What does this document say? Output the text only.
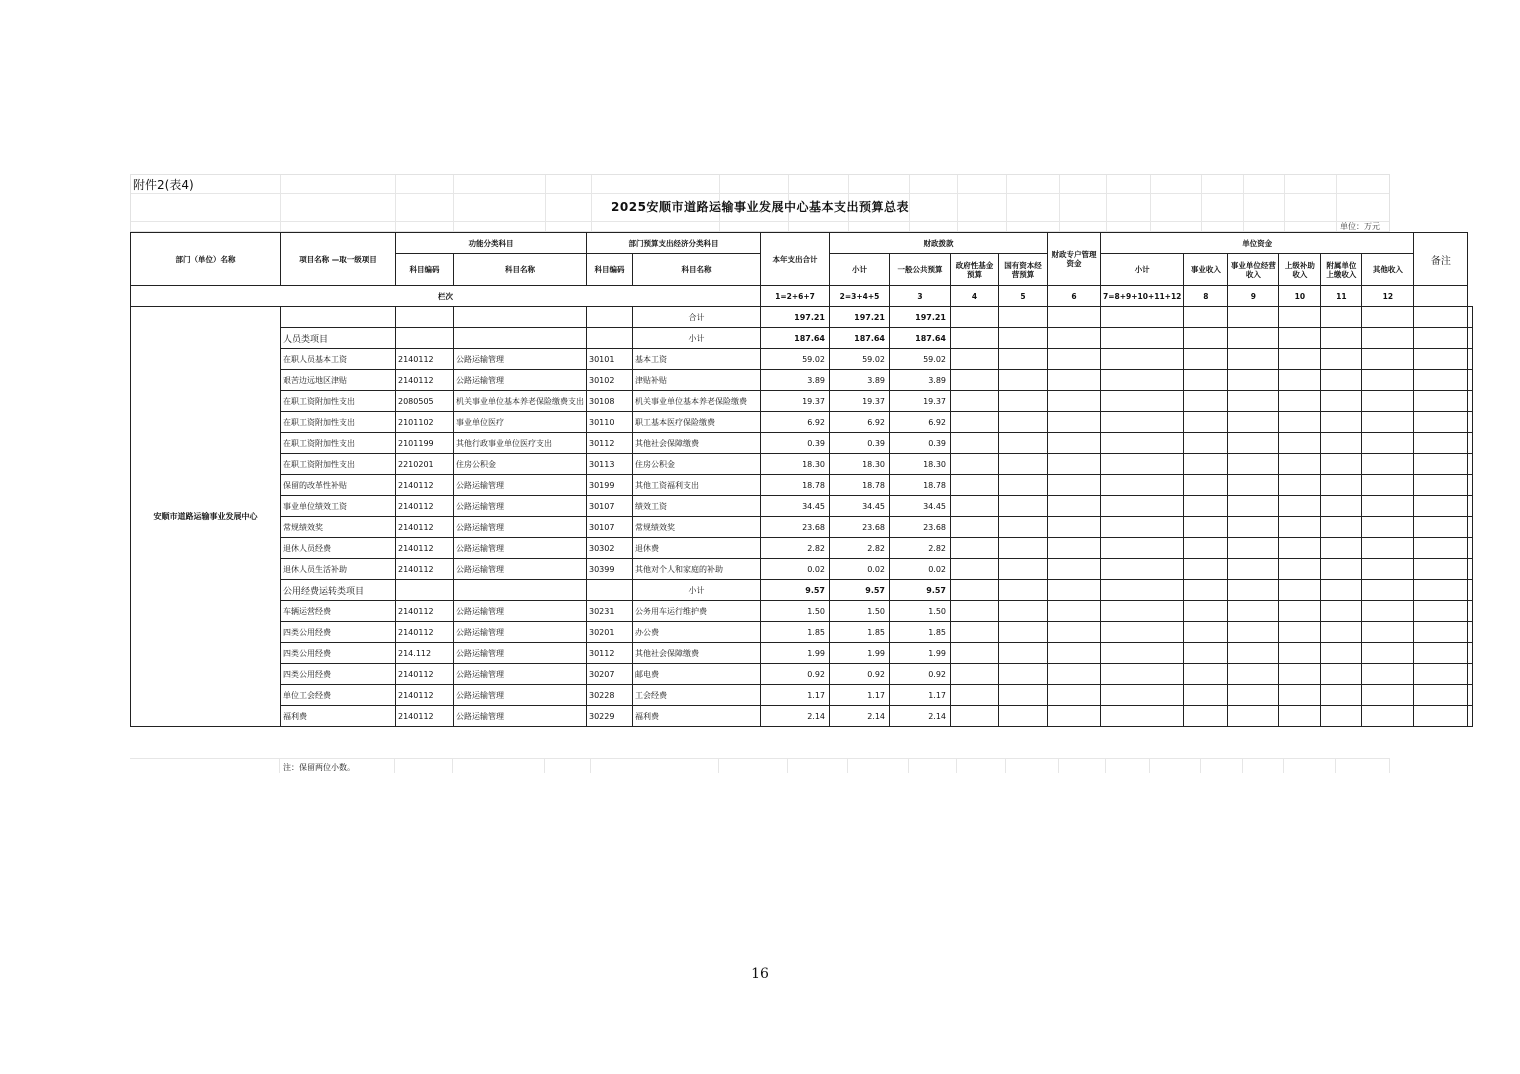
附件2(表4)
2025安顺市道路运输事业发展中心基本支出预算总表
单位：万元
部门（单位）名称	项目名称 —取一级项目	功能分类科目		部门预算支出经济分类科目		本年支出合计	财政拨款				财政专户管理资金	单位资金						备注	
		科目编码	科目名称	科目编码	科目名称		小计	一般公共预算	政府性基金预算	国有资本经营预算		小计	事业收入	事业单位经营收入	上级补助收入	附属单位上缴收入	其他收入		
栏次						1=2+6+7	2=3+4+5	3	4	5	6	7=8+9+10+11+12	8	9	10	11	12		
安顺市道路运输事业发展中心					合计	197.21	197.21	197.21											
	人员类项目				小计	187.64	187.64	187.64											
	在职人员基本工资	2140112	公路运输管理	30101	基本工资	59.02	59.02	59.02											
	艰苦边远地区津贴	2140112	公路运输管理	30102	津贴补贴	3.89	3.89	3.89											
	在职工资附加性支出	2080505	机关事业单位基本养老保险缴费支出	30108	机关事业单位基本养老保险缴费	19.37	19.37	19.37											
	在职工资附加性支出	2101102	事业单位医疗	30110	职工基本医疗保险缴费	6.92	6.92	6.92											
	在职工资附加性支出	2101199	其他行政事业单位医疗支出	30112	其他社会保障缴费	0.39	0.39	0.39											
	在职工资附加性支出	2210201	住房公积金	30113	住房公积金	18.30	18.30	18.30											
	保留的改革性补贴	2140112	公路运输管理	30199	其他工资福利支出	18.78	18.78	18.78											
	事业单位绩效工资	2140112	公路运输管理	30107	绩效工资	34.45	34.45	34.45											
	常规绩效奖	2140112	公路运输管理	30107	常规绩效奖	23.68	23.68	23.68											
	退休人员经费	2140112	公路运输管理	30302	退休费	2.82	2.82	2.82											
	退休人员生活补助	2140112	公路运输管理	30399	其他对个人和家庭的补助	0.02	0.02	0.02											
	公用经费运转类项目				小计	9.57	9.57	9.57											
	车辆运营经费	2140112	公路运输管理	30231	公务用车运行维护费	1.50	1.50	1.50											
	四类公用经费	2140112	公路运输管理	30201	办公费	1.85	1.85	1.85											
	四类公用经费	214.112	公路运输管理	30112	其他社会保障缴费	1.99	1.99	1.99											
	四类公用经费	2140112	公路运输管理	30207	邮电费	0.92	0.92	0.92											
	单位工会经费	2140112	公路运输管理	30228	工会经费	1.17	1.17	1.17											
	福利费	2140112	公路运输管理	30229	福利费	2.14	2.14	2.14											
注：保留两位小数。
16
